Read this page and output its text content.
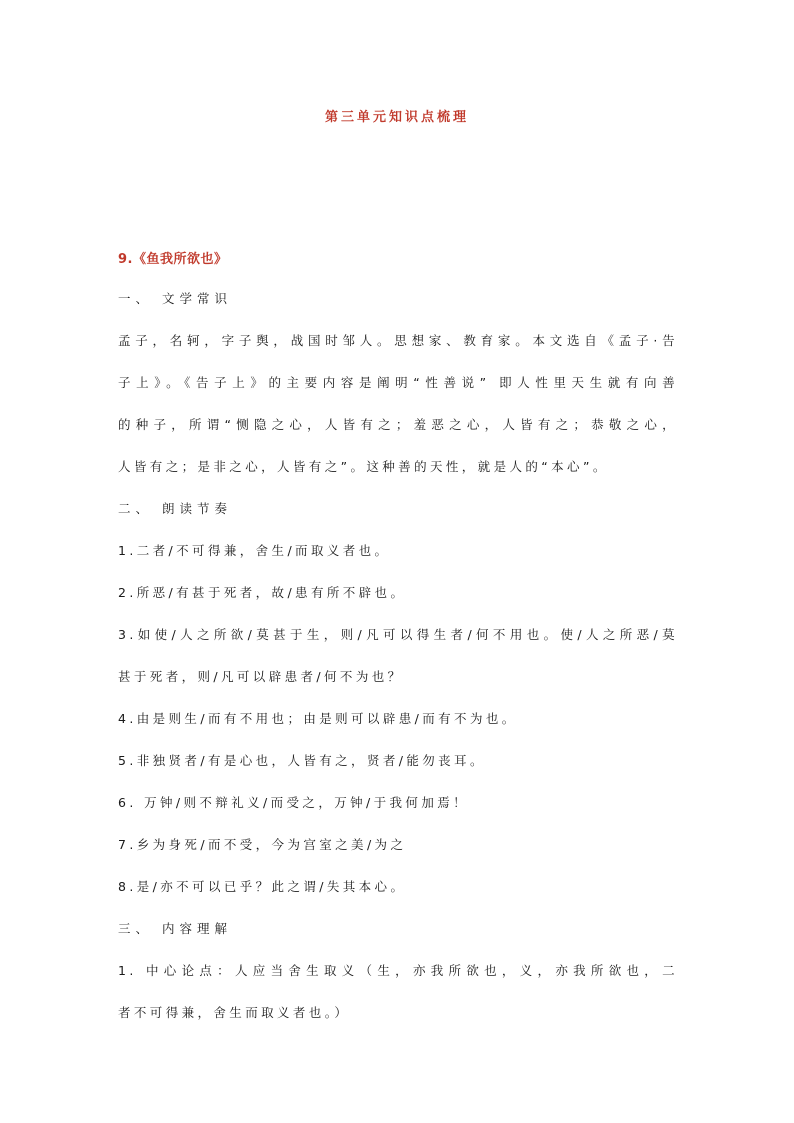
第三单元知识点梳理
9.《鱼我所欲也》
一、 文学常识
孟子，名轲，字子舆，战国时邹人。思想家、教育家。本文选自《孟子·告
子上》。《告子上》的主要内容是阐明“性善说” 即人性里天生就有向善
的种子，所谓“恻隐之心，人皆有之；羞恶之心，人皆有之；恭敬之心，
人皆有之；是非之心，人皆有之”。这种善的天性，就是人的“本心”。
二、 朗读节奏
1.二者/不可得兼，舍生/而取义者也。
2.所恶/有甚于死者，故/患有所不辟也。
3.如使/人之所欲/莫甚于生，则/凡可以得生者/何不用也。使/人之所恶/莫
甚于死者，则/凡可以辟患者/何不为也？
4.由是则生/而有不用也；由是则可以辟患/而有不为也。
5.非独贤者/有是心也，人皆有之，贤者/能勿丧耳。
6. 万钟/则不辩礼义/而受之，万钟/于我何加焉！
7.乡为身死/而不受，今为宫室之美/为之
8.是/亦不可以已乎？此之谓/失其本心。
三、 内容理解
1. 中心论点：人应当舍生取义（生，亦我所欲也，义，亦我所欲也，二
者不可得兼，舍生而取义者也。）
